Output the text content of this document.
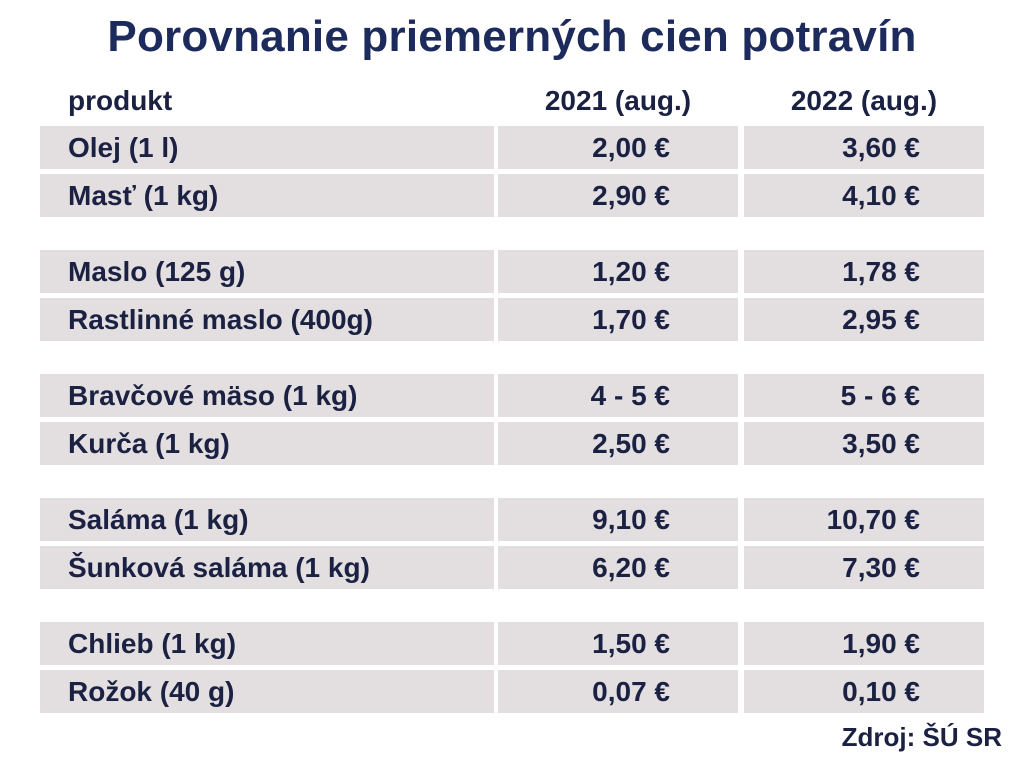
Porovnanie priemerných cien potravín
produkt	2021 (aug.)	2022 (aug.)
Olej (1 l)	2,00 €	3,60 €
Masť (1 kg)	2,90 €	4,10 €
Maslo (125 g)	1,20 €	1,78 €
Rastlinné maslo (400g)	1,70 €	2,95 €
Bravčové mäso (1 kg)	4 - 5 €	5 - 6 €
Kurča (1 kg)	2,50 €	3,50 €
Saláma (1 kg)	9,10 €	10,70 €
Šunková saláma (1 kg)	6,20 €	7,30 €
Chlieb (1 kg)	1,50 €	1,90 €
Rožok (40 g)	0,07 €	0,10 €
Zdroj: ŠÚ SR
